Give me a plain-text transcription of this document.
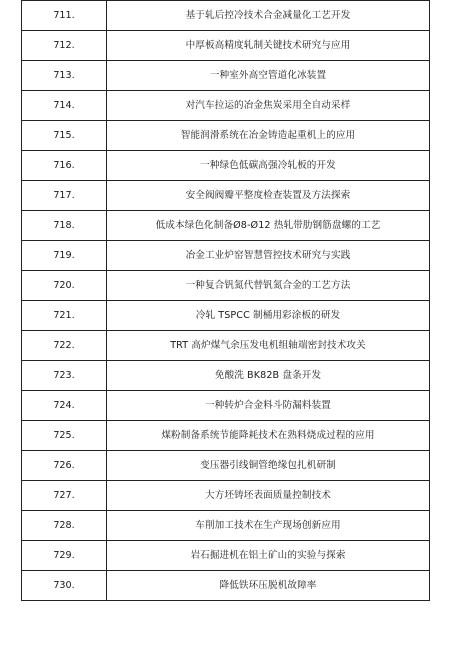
711.	基于轧后控冷技术合金减量化工艺开发
712.	中厚板高精度轧制关键技术研究与应用
713.	一种室外高空管道化冰装置
714.	对汽车拉运的冶金焦炭采用全自动采样
715.	智能润滑系统在冶金铸造起重机上的应用
716.	一种绿色低碳高强冷轧板的开发
717.	安全阀阀瓣平整度检查装置及方法探索
718.	低成本绿色化制备Ø8-Ø12 热轧带肋钢筋盘螺的工艺
719.	冶金工业炉窑智慧管控技术研究与实践
720.	一种复合钒氮代替钒氮合金的工艺方法
721.	冷轧 TSPCC 制桶用彩涂板的研发
722.	TRT 高炉煤气余压发电机组轴端密封技术攻关
723.	免酸洗 BK82B 盘条开发
724.	一种转炉合金料斗防漏料装置
725.	煤粉制备系统节能降耗技术在熟料烧成过程的应用
726.	变压器引线铜管绝缘包扎机研制
727.	大方坯铸坯表面质量控制技术
728.	车削加工技术在生产现场创新应用
729.	岩石掘进机在铝土矿山的实验与探索
730.	降低铁环压脱机故障率
